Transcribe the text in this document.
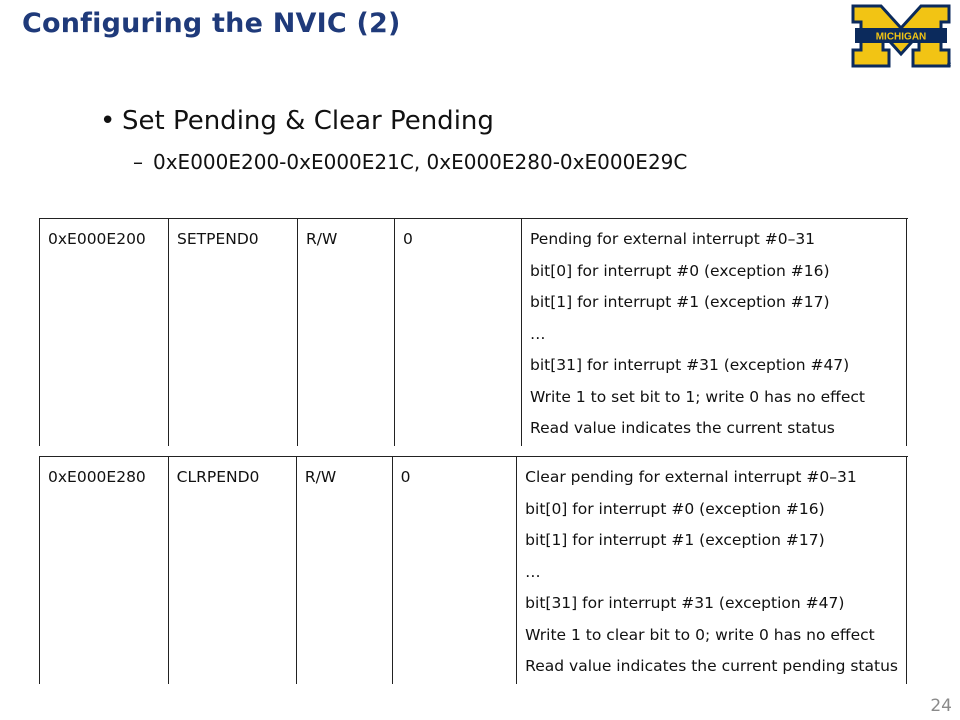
Configuring the NVIC (2)	MICHIGAN
®
• Set Pending & Clear Pending
– 0xE000E200-0xE000E21C, 0xE000E280-0xE000E29C
0xE000E200	SETPEND0	R/W	0	Pending for external interrupt #0–31
bit[0] for interrupt #0 (exception #16)
bit[1] for interrupt #1 (exception #17)
…
bit[31] for interrupt #31 (exception #47)
Write 1 to set bit to 1; write 0 has no effect
Read value indicates the current status
0xE000E280	CLRPEND0	R/W	0	Clear pending for external interrupt #0–31
bit[0] for interrupt #0 (exception #16)
bit[1] for interrupt #1 (exception #17)
…
bit[31] for interrupt #31 (exception #47)
Write 1 to clear bit to 0; write 0 has no effect
Read value indicates the current pending status
24
